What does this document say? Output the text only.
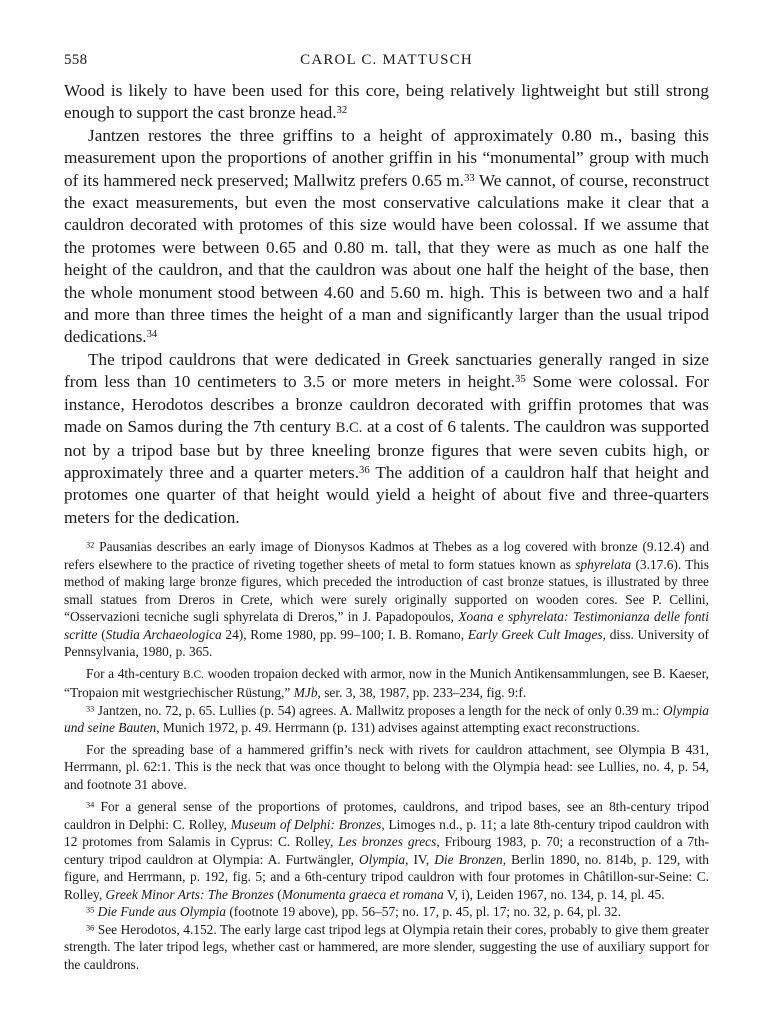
558	CAROL C. MATTUSCH

Wood is likely to have been used for this core, being relatively lightweight but still strong enough to support the cast bronze head.$^{32}$

Jantzen restores the three griffins to a height of approximately 0.80 m., basing this measurement upon the proportions of another griffin in his “monumental” group with much of its hammered neck preserved; Mallwitz prefers 0.65 m.$^{33}$ We cannot, of course, reconstruct the exact measurements, but even the most conservative calculations make it clear that a cauldron decorated with protomes of this size would have been colossal. If we assume that the protomes were between 0.65 and 0.80 m. tall, that they were as much as one half the height of the cauldron, and that the cauldron was about one half the height of the base, then the whole monument stood between 4.60 and 5.60 m. high. This is between two and a half and more than three times the height of a man and significantly larger than the usual tripod dedications.$^{34}$

The tripod cauldrons that were dedicated in Greek sanctuaries generally ranged in size from less than 10 centimeters to 3.5 or more meters in height.$^{35}$ Some were colossal. For instance, Herodotos describes a bronze cauldron decorated with griffin protomes that was made on Samos during the 7th century B.C. at a cost of 6 talents. The cauldron was supported not by a tripod base but by three kneeling bronze figures that were seven cubits high, or approximately three and a quarter meters.$^{36}$ The addition of a cauldron half that height and protomes one quarter of that height would yield a height of about five and three-quarters meters for the dedication.

$^{32}$ Pausanias describes an early image of Dionysos Kadmos at Thebes as a log covered with bronze (9.12.4) and refers elsewhere to the practice of riveting together sheets of metal to form statues known as sphyrelata (3.17.6). This method of making large bronze figures, which preceded the introduction of cast bronze statues, is illustrated by three small statues from Dreros in Crete, which were surely originally supported on wooden cores. See P. Cellini, “Osservazioni tecniche sugli sphyrelata di Dreros,” in J. Papadopoulos, Xoana e sphyrelata: Testimonianza delle fonti scritte (Studia Archaeologica 24), Rome 1980, pp. 99–100; I. B. Romano, Early Greek Cult Images, diss. University of Pennsylvania, 1980, p. 365.

For a 4th-century B.C. wooden tropaion decked with armor, now in the Munich Antikensammlungen, see B. Kaeser, “Tropaion mit westgriechischer Rüstung,” MJb, ser. 3, 38, 1987, pp. 233–234, fig. 9:f.

$^{33}$ Jantzen, no. 72, p. 65. Lullies (p. 54) agrees. A. Mallwitz proposes a length for the neck of only 0.39 m.: Olympia und seine Bauten, Munich 1972, p. 49. Herrmann (p. 131) advises against attempting exact reconstructions.

For the spreading base of a hammered griffin’s neck with rivets for cauldron attachment, see Olympia B 431, Herrmann, pl. 62:1. This is the neck that was once thought to belong with the Olympia head: see Lullies, no. 4, p. 54, and footnote 31 above.

$^{34}$ For a general sense of the proportions of protomes, cauldrons, and tripod bases, see an 8th-century tripod cauldron in Delphi: C. Rolley, Museum of Delphi: Bronzes, Limoges n.d., p. 11; a late 8th-century tripod cauldron with 12 protomes from Salamis in Cyprus: C. Rolley, Les bronzes grecs, Fribourg 1983, p. 70; a reconstruction of a 7th-century tripod cauldron at Olympia: A. Furtwängler, Olympia, IV, Die Bronzen, Berlin 1890, no. 814b, p. 129, with figure, and Herrmann, p. 192, fig. 5; and a 6th-century tripod cauldron with four protomes in Châtillon-sur-Seine: C. Rolley, Greek Minor Arts: The Bronzes (Monumenta graeca et romana V, i), Leiden 1967, no. 134, p. 14, pl. 45.

$^{35}$ Die Funde aus Olympia (footnote 19 above), pp. 56–57; no. 17, p. 45, pl. 17; no. 32, p. 64, pl. 32.

$^{36}$ See Herodotos, 4.152. The early large cast tripod legs at Olympia retain their cores, probably to give them greater strength. The later tripod legs, whether cast or hammered, are more slender, suggesting the use of auxiliary support for the cauldrons.
